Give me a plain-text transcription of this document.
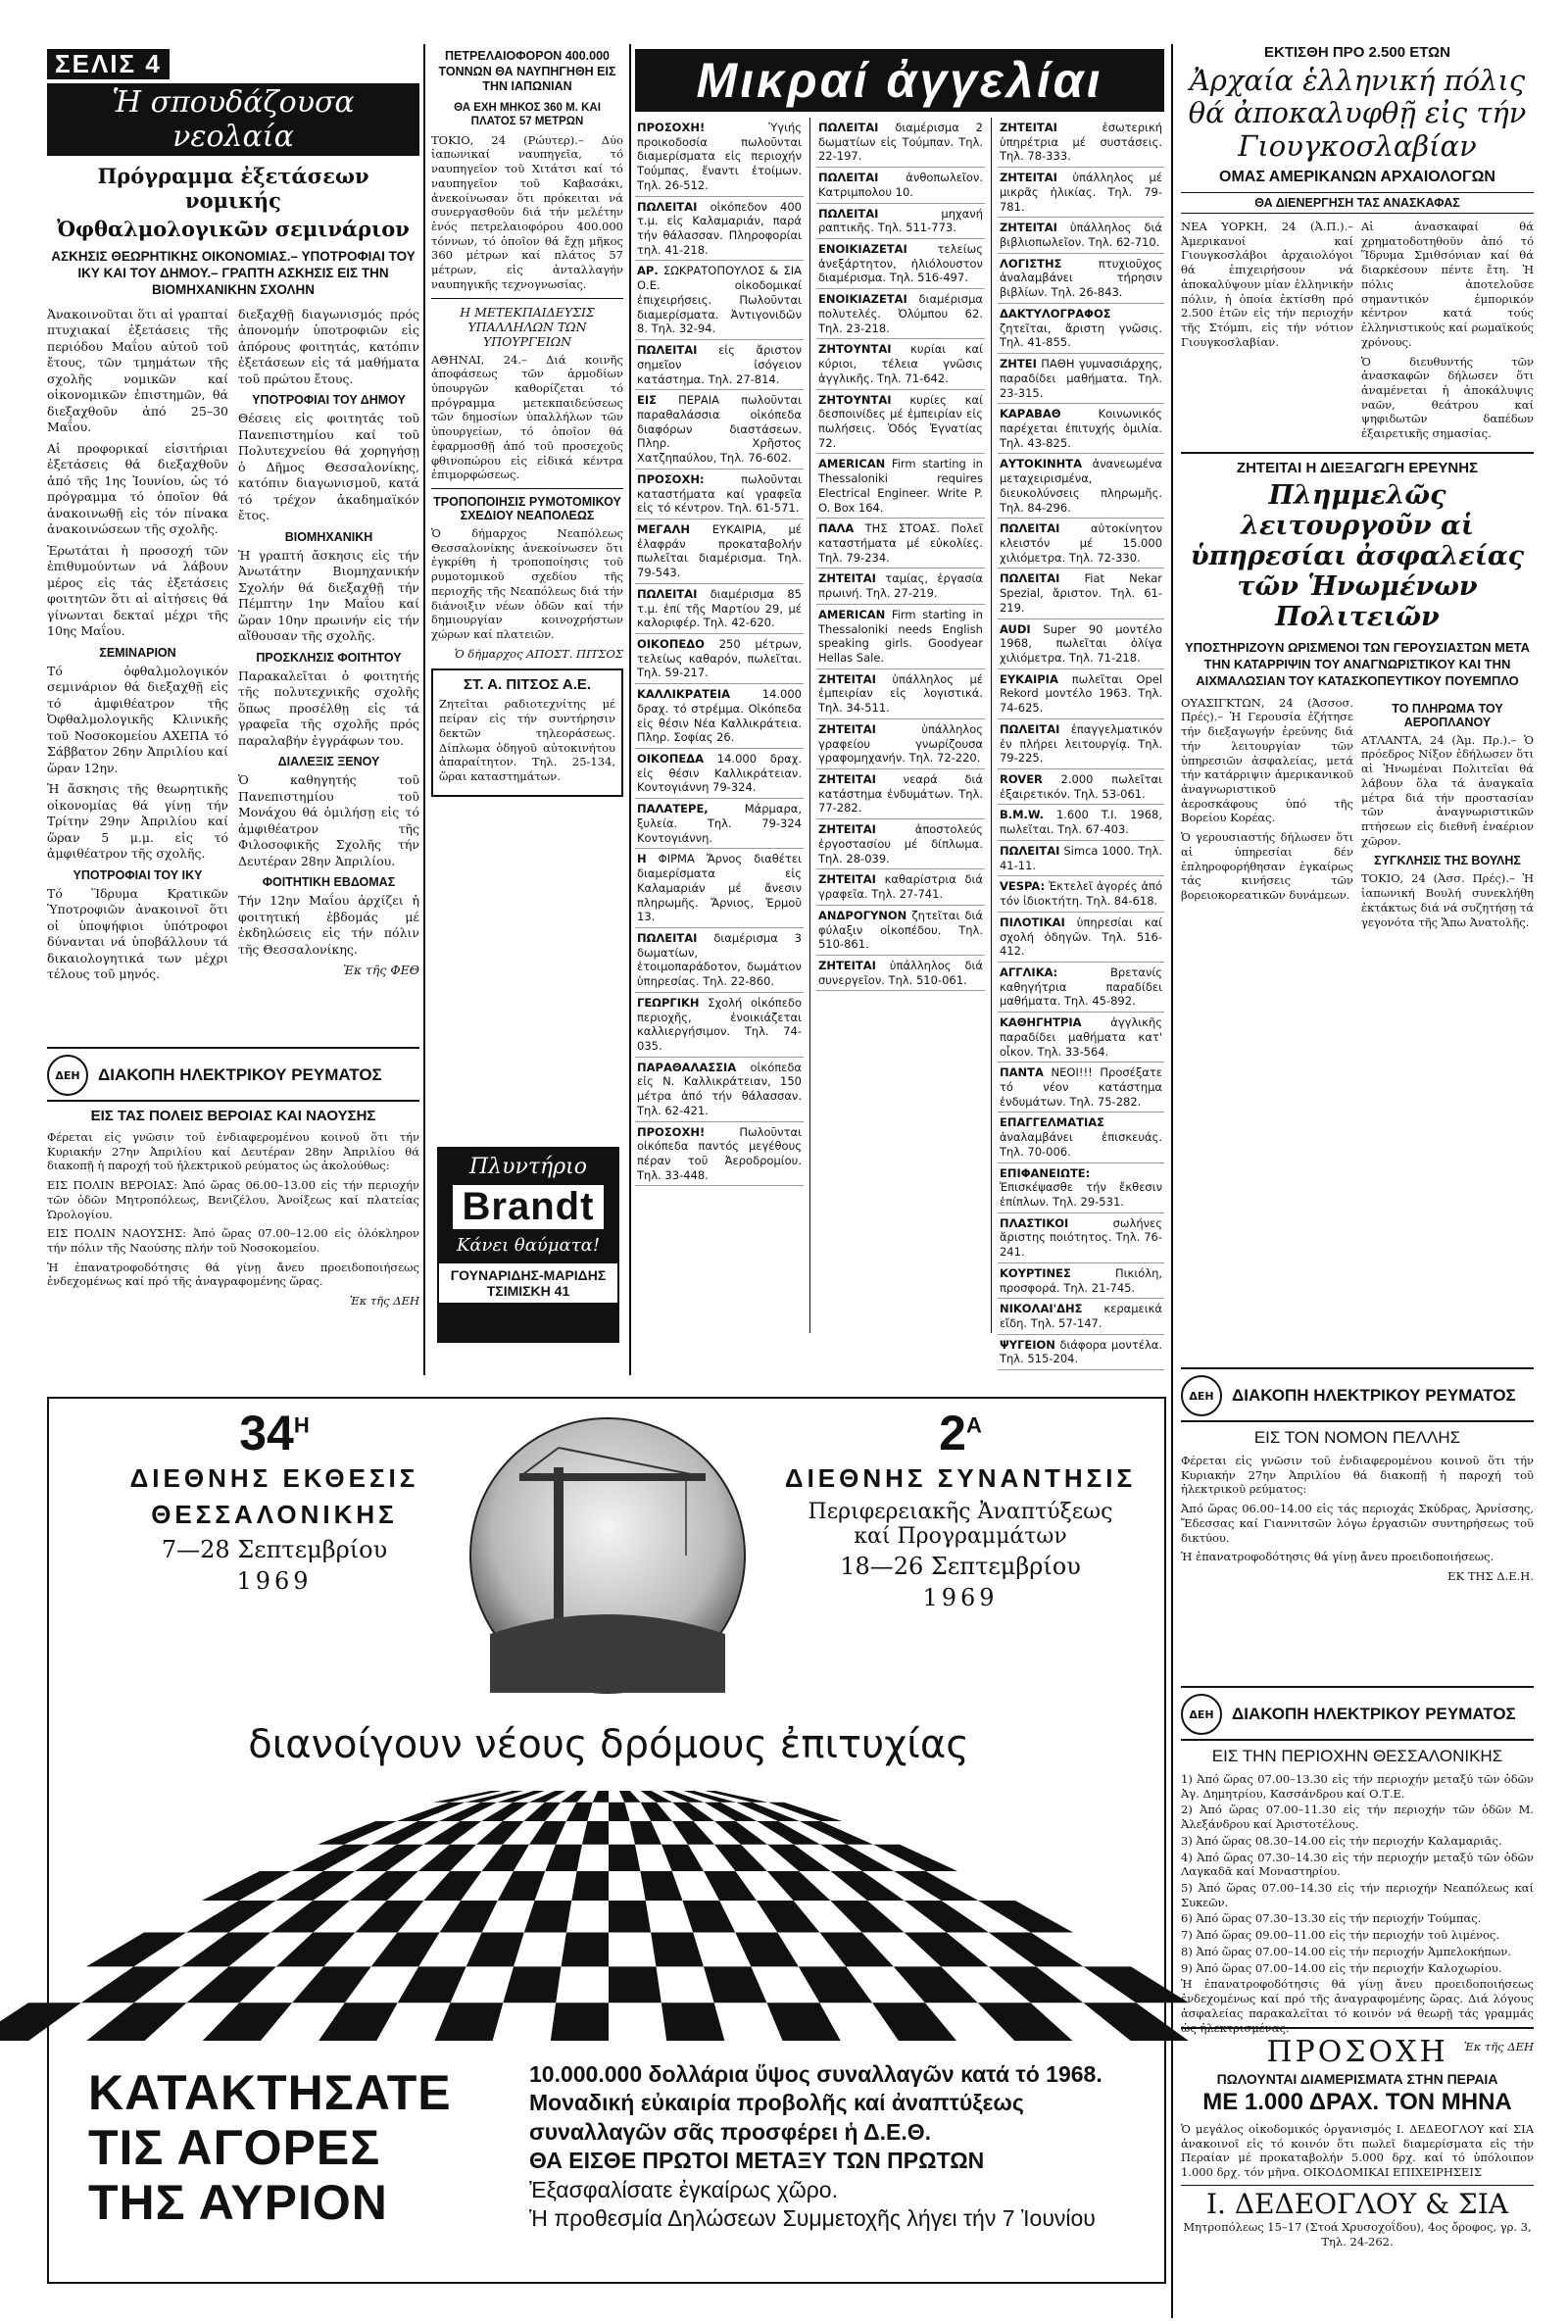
ΣΕΛΙΣ 4
Ἡ σπουδάζουσα νεολαία
Πρόγραμμα ἐξετάσεων νομικής
Ὀφθαλμολογικῶν σεμινάριον
ΑΣΚΗΣΙΣ ΘΕΩΡΗΤΙΚΗΣ ΟΙΚΟΝΟΜΙΑΣ.– ΥΠΟΤΡΟΦΙΑΙ ΤΟΥ ΙΚΥ ΚΑΙ ΤΟΥ ΔΗΜΟΥ.– ΓΡΑΠΤΗ ΑΣΚΗΣΙΣ ΕΙΣ ΤΗΝ ΒΙΟΜΗΧΑΝΙΚΗΝ ΣΧΟΛΗΝ

Ἀνακοινοῦται ὅτι αἱ γραπταί πτυχιακαί ἐξετάσεις τῆς περιόδου Μαΐου αὐτοῦ τοῦ ἔτους, τῶν τμημάτων τῆς σχολῆς νομικῶν καί οἰκονομικῶν ἐπιστημῶν, θά διεξαχθοῦν ἀπό 25–30 Μαΐου.

Αἱ προφορικαί εἰσιτήριαι ἐξετάσεις θά διεξαχθοῦν ἀπό τῆς 1ης Ἰουνίου, ὡς τό πρόγραμμα τό ὁποῖον θά ἀνακοινωθῇ εἰς τόν πίνακα ἀνακοινώσεων τῆς σχολῆς.

Ἐρωτάται ἡ προσοχή τῶν ἐπιθυμούντων νά λάβουν μέρος εἰς τάς ἐξετάσεις φοιτητῶν ὅτι αἱ αἰτήσεις θά γίνωνται δεκταί μέχρι τῆς 10ης Μαΐου.

ΣΕΜΙΝΑΡΙΟΝ

Τό ὀφθαλμολογικόν σεμινάριον θά διεξαχθῇ εἰς τό ἀμφιθέατρον τῆς Ὀφθαλμολογικῆς Κλινικῆς τοῦ Νοσοκομείου ΑΧΕΠΑ τό Σάββατον 26ην Ἀπριλίου καί ὥραν 12ην.

Ἡ ἄσκησις τῆς θεωρητικῆς οἰκονομίας θά γίνῃ τήν Τρίτην 29ην Ἀπριλίου καί ὥραν 5 μ.μ. εἰς τό ἀμφιθέατρον τῆς σχολῆς.

ΥΠΟΤΡΟΦΙΑΙ ΤΟΥ ΙΚΥ

Τό Ἵδρυμα Κρατικῶν Ὑποτροφιῶν ἀνακοινοῖ ὅτι οἱ ὑποψήφιοι ὑπότροφοι δύνανται νά ὑποβάλλουν τά δικαιολογητικά των μέχρι τέλους τοῦ μηνός.

διεξαχθῇ διαγωνισμός πρός ἀπονομήν ὑποτροφιῶν εἰς ἀπόρους φοιτητάς, κατόπιν ἐξετάσεων εἰς τά μαθήματα τοῦ πρώτου ἔτους.

ΥΠΟΤΡΟΦΙΑΙ ΤΟΥ ΔΗΜΟΥ

Θέσεις εἰς φοιτητάς τοῦ Πανεπιστημίου καί τοῦ Πολυτεχνείου θά χορηγήσῃ ὁ Δῆμος Θεσσαλονίκης, κατόπιν διαγωνισμοῦ, κατά τό τρέχον ἀκαδημαϊκόν ἔτος.

ΒΙΟΜΗΧΑΝΙΚΗ

Ἡ γραπτή ἄσκησις εἰς τήν Ἀνωτάτην Βιομηχανικήν Σχολήν θά διεξαχθῇ τήν Πέμπτην 1ην Μαΐου καί ὥραν 10ην πρωινήν εἰς τήν αἴθουσαν τῆς σχολῆς.

ΠΡΟΣΚΛΗΣΙΣ ΦΟΙΤΗΤΟΥ

Παρακαλεῖται ὁ φοιτητής τῆς πολυτεχνικῆς σχολῆς ὅπως προσέλθῃ εἰς τά γραφεῖα τῆς σχολῆς πρός παραλαβήν ἐγγράφων του.

ΔΙΑΛΕΞΙΣ ΞΕΝΟΥ

Ὁ καθηγητής τοῦ Πανεπιστημίου τοῦ Μονάχου θά ὁμιλήσῃ εἰς τό ἀμφιθέατρον τῆς Φιλοσοφικῆς Σχολῆς τήν Δευτέραν 28ην Ἀπριλίου.

ΦΟΙΤΗΤΙΚΗ ΕΒΔΟΜΑΣ

Τήν 12ην Μαΐου ἀρχίζει ἡ φοιτητική ἑβδομάς μέ ἐκδηλώσεις εἰς τήν πόλιν τῆς Θεσσαλονίκης.

Ἐκ τῆς ΦΕΘ

ΔΕΗ	ΔΙΑΚΟΠΗ ΗΛΕΚΤΡΙΚΟΥ ΡΕΥΜΑΤΟΣ
ΕΙΣ ΤΑΣ ΠΟΛΕΙΣ ΒΕΡΟΙΑΣ ΚΑΙ ΝΑΟΥΣΗΣ

Φέρεται εἰς γνῶσιν τοῦ ἐνδιαφερομένου κοινοῦ ὅτι τήν Κυριακήν 27ην Ἀπριλίου καί Δευτέραν 28ην Ἀπριλίου θά διακοπῇ ἡ παροχή τοῦ ἠλεκτρικοῦ ρεύματος ὡς ἀκολούθως:

ΕΙΣ ΠΟΛΙΝ ΒΕΡΟΙΑΣ: Ἀπό ὥρας 06.00–13.00 εἰς τήν περιοχήν τῶν ὁδῶν Μητροπόλεως, Βενιζέλου, Ἀνοίξεως καί πλατείας Ὡρολογίου.

ΕΙΣ ΠΟΛΙΝ ΝΑΟΥΣΗΣ: Ἀπό ὥρας 07.00–12.00 εἰς ὁλόκληρον τήν πόλιν τῆς Ναούσης πλήν τοῦ Νοσοκομείου.

Ἡ ἐπανατροφοδότησις θά γίνῃ ἄνευ προειδοποιήσεως ἐνδεχομένως καί πρό τῆς ἀναγραφομένης ὥρας.

Ἐκ τῆς ΔΕΗ

ΠΕΤΡΕΛΑΙΟΦΟΡΟΝ 400.000 ΤΟΝΝΩΝ ΘΑ ΝΑΥΠΗΓΗΘΗ ΕΙΣ ΤΗΝ ΙΑΠΩΝΙΑΝ
ΘΑ ΕΧΗ ΜΗΚΟΣ 360 Μ. ΚΑΙ ΠΛΑΤΟΣ 57 ΜΕΤΡΩΝ

ΤΟΚΙΟ, 24 (Ρώυτερ).– Δύο ἰαπωνικαί ναυπηγεῖα, τό ναυπηγεῖον τοῦ Χιτάτσι καί τό ναυπηγεῖον τοῦ Καβασάκι, ἀνεκοίνωσαν ὅτι πρόκειται νά συνεργασθοῦν διά τήν μελέτην ἑνός πετρελαιοφόρου 400.000 τόννων, τό ὁποῖον θά ἔχῃ μῆκος 360 μέτρων καί πλάτος 57 μέτρων, εἰς ἀνταλλαγήν ναυπηγικῆς τεχνογνωσίας.

Η ΜΕΤΕΚΠΑΙΔΕΥΣΙΣ ΥΠΑΛΛΗΛΩΝ ΤΩΝ ΥΠΟΥΡΓΕΙΩΝ

ΑΘΗΝΑΙ, 24.– Διά κοινῆς ἀποφάσεως τῶν ἁρμοδίων ὑπουργῶν καθορίζεται τό πρόγραμμα μετεκπαιδεύσεως τῶν δημοσίων ὑπαλλήλων τῶν ὑπουργείων, τό ὁποῖον θά ἐφαρμοσθῇ ἀπό τοῦ προσεχοῦς φθινοπώρου εἰς εἰδικά κέντρα ἐπιμορφώσεως.

ΤΡΟΠΟΠΟΙΗΣΙΣ ΡΥΜΟΤΟΜΙΚΟΥ ΣΧΕΔΙΟΥ ΝΕΑΠΟΛΕΩΣ

Ὁ δήμαρχος Νεαπόλεως Θεσσαλονίκης ἀνεκοίνωσεν ὅτι ἐγκρίθη ἡ τροποποίησις τοῦ ρυμοτομικοῦ σχεδίου τῆς περιοχῆς τῆς Νεαπόλεως διά τήν διάνοιξιν νέων ὁδῶν καί τήν δημιουργίαν κοινοχρήστων χώρων καί πλατειῶν.

Ὁ δήμαρχος ΑΠΟΣΤ. ΠΙΤΣΟΣ

ΣΤ. Α. ΠΙΤΣΟΣ Α.Ε.

Ζητεῖται ραδιοτεχνίτης μέ πείραν εἰς τήν συντήρησιν δεκτῶν τηλεοράσεως. Δίπλωμα ὁδηγοῦ αὐτοκινήτου ἀπαραίτητον. Τηλ. 25-134, ὥραι καταστημάτων.

Πλυντήριο
Brandt
Κάνει θαύματα!
ΓΟΥΝΑΡΙΔΗΣ-ΜΑΡΙΔΗΣ
ΤΣΙΜΙΣΚΗ 41
Μικραί ἀγγελίαι
ΠΡΟΣΟΧΗ! Ὑγιής προικοδοσία πωλοῦνται διαμερίσματα εἰς περιοχήν Τούμπας, ἔναντι ἐτοίμων. Τηλ. 26-512.
ΠΩΛΕΙΤΑΙ οἰκόπεδον 400 τ.μ. εἰς Καλαμαριάν, παρά τήν θάλασσαν. Πληροφορίαι τηλ. 41-218.
ΑΡ. ΣΩΚΡΑΤΟΠΟΥΛΟΣ & ΣΙΑ Ο.Ε. οἰκοδομικαί ἐπιχειρήσεις. Πωλοῦνται διαμερίσματα. Ἀντιγονιδῶν 8. Τηλ. 32-94.
ΠΩΛΕΙΤΑΙ εἰς ἄριστον σημεῖον ἰσόγειον κατάστημα. Τηλ. 27-814.
ΕΙΣ ΠΕΡΑΙΑ πωλοῦνται παραθαλάσσια οἰκόπεδα διαφόρων διαστάσεων. Πληρ. Χρῆστος Χατζηπαύλου, Τηλ. 76-602.
ΠΡΟΣΟΧΗ: πωλοῦνται καταστήματα καί γραφεῖα εἰς τό κέντρον. Τηλ. 61-571.
ΜΕΓΑΛΗ ΕΥΚΑΙΡΙΑ, μέ ἐλαφράν προκαταβολήν πωλεῖται διαμέρισμα. Τηλ. 79-543.
ΠΩΛΕΙΤΑΙ διαμέρισμα 85 τ.μ. ἐπί τῆς Μαρτίου 29, μέ καλοριφέρ. Τηλ. 42-620.
ΟΙΚΟΠΕΔΟ 250 μέτρων, τελείως καθαρόν, πωλεῖται. Τηλ. 59-217.
ΚΑΛΛΙΚΡΑΤΕΙΑ 14.000 δραχ. τό στρέμμα. Οἰκόπεδα εἰς θέσιν Νέα Καλλικράτεια. Πληρ. Σοφίας 26.
ΟΙΚΟΠΕΔΑ 14.000 δραχ. εἰς θέσιν Καλλικράτειαν. Κοντογιάννη 79-324.
ΠΑΛΑΤΕΡΕ, Μάρμαρα, ξυλεία. Τηλ. 79-324 Κοντογιάννη.
Η ΦΙΡΜΑ Ἄρνος διαθέτει διαμερίσματα εἰς Καλαμαριάν μέ ἄνεσιν πληρωμῆς. Ἄρνιος, Ἑρμοῦ 13.
ΠΩΛΕΙΤΑΙ διαμέρισμα 3 δωματίων, ἑτοιμοπαράδοτον, δωμάτιον ὑπηρεσίας. Τηλ. 22-860.
ΓΕΩΡΓΙΚΗ Σχολή οἰκόπεδο περιοχῆς, ἐνοικιάζεται καλλιεργήσιμον. Τηλ. 74-035.
ΠΑΡΑΘΑΛΑΣΣΙΑ οἰκόπεδα εἰς Ν. Καλλικράτειαν, 150 μέτρα ἀπό τήν θάλασσαν. Τηλ. 62-421.
ΠΡΟΣΟΧΗ! Πωλοῦνται οἰκόπεδα παντός μεγέθους πέραν τοῦ Ἀεροδρομίου. Τηλ. 33-448.
ΠΩΛΕΙΤΑΙ διαμέρισμα 2 δωματίων εἰς Τούμπαν. Τηλ. 22-197.
ΠΩΛΕΙΤΑΙ ἀνθοπωλεῖον. Κατριμπολου 10.
ΠΩΛΕΙΤΑΙ μηχανή ραπτικῆς. Τηλ. 511-773.
ΕΝΟΙΚΙΑΖΕΤΑΙ τελείως ἀνεξάρτητον, ἡλιόλουστον διαμέρισμα. Τηλ. 516-497.
ΕΝΟΙΚΙΑΖΕΤΑΙ διαμέρισμα πολυτελές. Ὀλύμπου 62. Τηλ. 23-218.
ΖΗΤΟΥΝΤΑΙ κυρίαι καί κύριοι, τέλεια γνῶσις ἀγγλικῆς. Τηλ. 71-642.
ΖΗΤΟΥΝΤΑΙ κυρίες καί δεσποινίδες μέ ἐμπειρίαν εἰς πωλήσεις. Ὁδός Ἐγνατίας 72.
AMERICAN Firm starting in Thessaloniki requires Electrical Engineer. Write P. O. Box 164.
ΠΑΛΑ ΤΗΣ ΣΤΟΑΣ. Πολεῖ καταστήματα μέ εὐκολίες. Τηλ. 79-234.
ΖΗΤΕΙΤΑΙ ταμίας, ἐργασία πρωινή. Τηλ. 27-219.
AMERICAN Firm starting in Thessaloniki needs English speaking girls. Goodyear Hellas Sale.
ΖΗΤΕΙΤΑΙ ὑπάλληλος μέ ἐμπειρίαν εἰς λογιστικά. Τηλ. 34-511.
ΖΗΤΕΙΤΑΙ ὑπάλληλος γραφείου γνωρίζουσα γραφομηχανήν. Τηλ. 72-220.
ΖΗΤΕΙΤΑΙ νεαρά διά κατάστημα ἐνδυμάτων. Τηλ. 77-282.
ΖΗΤΕΙΤΑΙ ἀποστολεύς ἐργοστασίου μέ δίπλωμα. Τηλ. 28-039.
ΖΗΤΕΙΤΑΙ καθαρίστρια διά γραφεῖα. Τηλ. 27-741.
ΑΝΔΡΟΓΥΝΟΝ ζητεῖται διά φύλαξιν οἰκοπέδου. Τηλ. 510-861.
ΖΗΤΕΙΤΑΙ ὑπάλληλος διά συνεργεῖον. Τηλ. 510-061.
ΖΗΤΕΙΤΑΙ ἐσωτερική ὑπηρέτρια μέ συστάσεις. Τηλ. 78-333.
ΖΗΤΕΙΤΑΙ ὑπάλληλος μέ μικρᾶς ἡλικίας. Τηλ. 79-781.
ΖΗΤΕΙΤΑΙ ὑπάλληλος διά βιβλιοπωλεῖον. Τηλ. 62-710.
ΛΟΓΙΣΤΗΣ πτυχιοῦχος ἀναλαμβάνει τήρησιν βιβλίων. Τηλ. 26-843.
ΔΑΚΤΥΛΟΓΡΑΦΟΣ ζητεῖται, ἄριστη γνῶσις. Τηλ. 41-855.
ΖΗΤΕΙ ΠΑΘΗ γυμνασιάρχης, παραδίδει μαθήματα. Τηλ. 23-315.
ΚΑΡΑΒΑΘ Κοινωνικός παρέχεται ἐπιτυχής ὁμιλία. Τηλ. 43-825.
ΑΥΤΟΚΙΝΗΤΑ ἀνανεωμένα μεταχειρισμένα, διευκολύνσεις πληρωμῆς. Τηλ. 84-296.
ΠΩΛΕΙΤΑΙ αὐτοκίνητον κλειστόν μέ 15.000 χιλιόμετρα. Τηλ. 72-330.
ΠΩΛΕΙΤΑΙ Fiat Nekar Spezial, ἄριστον. Τηλ. 61-219.
AUDI Super 90 μοντέλο 1968, πωλεῖται ὀλίγα χιλιόμετρα. Τηλ. 71-218.
ΕΥΚΑΙΡΙΑ πωλεῖται Opel Rekord μοντέλο 1963. Τηλ. 74-625.
ΠΩΛΕΙΤΑΙ ἐπαγγελματικόν ἐν πλήρει λειτουργίᾳ. Τηλ. 79-225.
ROVER 2.000 πωλεῖται ἐξαιρετικόν. Τηλ. 53-061.
B.M.W. 1.600 T.I. 1968, πωλεῖται. Τηλ. 67-403.
ΠΩΛΕΙΤΑΙ Simca 1000. Τηλ. 41-11.
VESPA: Ἐκτελεῖ ἀγορές ἀπό τόν ἰδιοκτήτη. Τηλ. 84-618.
ΠΙΛΟΤΙΚΑΙ ὑπηρεσίαι καί σχολή ὁδηγῶν. Τηλ. 516-412.
ΑΓΓΛΙΚΑ: Βρετανίς καθηγήτρια παραδίδει μαθήματα. Τηλ. 45-892.
ΚΑΘΗΓΗΤΡΙΑ ἀγγλικῆς παραδίδει μαθήματα κατ' οἶκον. Τηλ. 33-564.
ΠΑΝΤΑ ΝΕΟΙ!!! Προσέξατε τό νέον κατάστημα ἐνδυμάτων. Τηλ. 75-282.
ΕΠΑΓΓΕΛΜΑΤΙΑΣ ἀναλαμβάνει ἐπισκευάς. Τηλ. 70-006.
ΕΠΙΦΑΝΕΙΩΤΕ: Ἐπισκέψασθε τήν ἔκθεσιν ἐπίπλων. Τηλ. 29-531.
ΠΛΑΣΤΙΚΟΙ σωλήνες ἄριστης ποιότητος. Τηλ. 76-241.
ΚΟΥΡΤΙΝΕΣ Πικιόλη, προσφορά. Τηλ. 21-745.
ΝΙΚΟΛΑΙ'ΔΗΣ κεραμεικά εἴδη. Τηλ. 57-147.
ΨΥΓΕΙΟΝ διάφορα μοντέλα. Τηλ. 515-204.
ΕΚΤΙΣΘΗ ΠΡΟ 2.500 ΕΤΩΝ
Ἀρχαία ἑλληνική πόλις θά ἀποκαλυφθῇ εἰς τήν Γιουγκοσλαβίαν
ΟΜΑΣ ΑΜΕΡΙΚΑΝΩΝ ΑΡΧΑΙΟΛΟΓΩΝ
ΘΑ ΔΙΕΝΕΡΓΗΣΗ ΤΑΣ ΑΝΑΣΚΑΦΑΣ

ΝΕΑ ΥΟΡΚΗ, 24 (Ἀ.Π.).– Ἀμερικανοί καί Γιουγκοσλάβοι ἀρχαιολόγοι θά ἐπιχειρήσουν νά ἀποκαλύψουν μίαν ἑλληνικήν πόλιν, ἡ ὁποία ἐκτίσθη πρό 2.500 ἐτῶν εἰς τήν περιοχήν τῆς Στόμπι, εἰς τήν νότιον Γιουγκοσλαβίαν.

Αἱ ἀνασκαφαί θά χρηματοδοτηθοῦν ἀπό τό Ἵδρυμα Σμιθσόνιαν καί θά διαρκέσουν πέντε ἔτη. Ἡ πόλις ἀποτελοῦσε σημαντικόν ἐμπορικόν κέντρον κατά τούς ἑλληνιστικούς καί ρωμαϊκούς χρόνους.

Ὁ διευθυντής τῶν ἀνασκαφῶν δήλωσεν ὅτι ἀναμένεται ἡ ἀποκάλυψις ναῶν, θεάτρου καί ψηφιδωτῶν δαπέδων ἐξαιρετικῆς σημασίας.

ΖΗΤΕΙΤΑΙ Η ΔΙΕΞΑΓΩΓΗ ΕΡΕΥΝΗΣ
Πλημμελῶς λειτουργοῦν αἱ ὑπηρεσίαι ἀσφαλείας τῶν Ἡνωμένων Πολιτειῶν
ΥΠΟΣΤΗΡΙΖΟΥΝ ΩΡΙΣΜΕΝΟΙ ΤΩΝ ΓΕΡΟΥΣΙΑΣΤΩΝ ΜΕΤΑ ΤΗΝ ΚΑΤΑΡΡΙΨΙΝ ΤΟΥ ΑΝΑΓΝΩΡΙΣΤΙΚΟΥ ΚΑΙ ΤΗΝ ΑΙΧΜΑΛΩΣΙΑΝ ΤΟΥ ΚΑΤΑΣΚΟΠΕΥΤΙΚΟΥ ΠΟΥΕΜΠΛΟ

ΟΥΑΣΙΓΚΤΩΝ, 24 (Ἀσσοσ. Πρές).– Ἡ Γερουσία ἐζήτησε τήν διεξαγωγήν ἐρεύνης διά τήν λειτουργίαν τῶν ὑπηρεσιῶν ἀσφαλείας, μετά τήν κατάρριψιν ἀμερικανικοῦ ἀναγνωριστικοῦ ἀεροσκάφους ὑπό τῆς Βορείου Κορέας.

Ὁ γερουσιαστής δήλωσεν ὅτι αἱ ὑπηρεσίαι δέν ἐπληροφορήθησαν ἐγκαίρως τάς κινήσεις τῶν βορειοκορεατικῶν δυνάμεων.

ΤΟ ΠΛΗΡΩΜΑ ΤΟΥ ΑΕΡΟΠΛΑΝΟΥ

ΑΤΛΑΝΤΑ, 24 (Ἀμ. Πρ.).– Ὁ πρόεδρος Νίξον ἐδήλωσεν ὅτι αἱ Ἡνωμέναι Πολιτεῖαι θά λάβουν ὅλα τά ἀναγκαῖα μέτρα διά τήν προστασίαν τῶν ἀναγνωριστικῶν πτήσεων εἰς διεθνῆ ἐναέριον χῶρον.

ΣΥΓΚΛΗΣΙΣ ΤΗΣ ΒΟΥΛΗΣ

ΤΟΚΙΟ, 24 (Ἀσσ. Πρές).– Ἡ ἰαπωνική Βουλή συνεκλήθη ἐκτάκτως διά νά συζητήσῃ τά γεγονότα τῆς Ἄπω Ἀνατολῆς.

ΔΕΗ	ΔΙΑΚΟΠΗ ΗΛΕΚΤΡΙΚΟΥ ΡΕΥΜΑΤΟΣ
ΕΙΣ ΤΟΝ ΝΟΜΟΝ ΠΕΛΛΗΣ

Φέρεται εἰς γνῶσιν τοῦ ἐνδιαφερομένου κοινοῦ ὅτι τήν Κυριακήν 27ην Ἀπριλίου θά διακοπῇ ἡ παροχή τοῦ ἠλεκτρικοῦ ρεύματος:

Ἀπό ὥρας 06.00–14.00 εἰς τάς περιοχάς Σκύδρας, Ἀρνίσσης, Ἔδεσσας καί Γιαννιτσῶν λόγω ἐργασιῶν συντηρήσεως τοῦ δικτύου.

Ἡ ἐπανατροφοδότησις θά γίνῃ ἄνευ προειδοποιήσεως.

ΕΚ ΤΗΣ Δ.Ε.Η.

ΔΕΗ	ΔΙΑΚΟΠΗ ΗΛΕΚΤΡΙΚΟΥ ΡΕΥΜΑΤΟΣ
ΕΙΣ ΤΗΝ ΠΕΡΙΟΧΗΝ ΘΕΣΣΑΛΟΝΙΚΗΣ

1) Ἀπό ὥρας 07.00–13.30 εἰς τήν περιοχήν μεταξύ τῶν ὁδῶν Ἀγ. Δημητρίου, Κασσάνδρου καί Ο.Τ.Ε.

2) Ἀπό ὥρας 07.00–11.30 εἰς τήν περιοχήν τῶν ὁδῶν Μ. Ἀλεξάνδρου καί Ἀριστοτέλους.

3) Ἀπό ὥρας 08.30–14.00 εἰς τήν περιοχήν Καλαμαριᾶς.

4) Ἀπό ὥρας 07.30–14.30 εἰς τήν περιοχήν μεταξύ τῶν ὁδῶν Λαγκαδᾶ καί Μοναστηρίου.

5) Ἀπό ὥρας 07.00–14.30 εἰς τήν περιοχήν Νεαπόλεως καί Συκεῶν.

6) Ἀπό ὥρας 07.30–13.30 εἰς τήν περιοχήν Τούμπας.

7) Ἀπό ὥρας 09.00–11.00 εἰς τήν περιοχήν τοῦ λιμένος.

8) Ἀπό ὥρας 07.00–14.00 εἰς τήν περιοχήν Ἀμπελοκήπων.

9) Ἀπό ὥρας 07.00–14.00 εἰς τήν περιοχήν Καλοχωρίου.

Ἡ ἐπανατροφοδότησις θά γίνῃ ἄνευ προειδοποιήσεως ἐνδεχομένως καί πρό τῆς ἀναγραφομένης ὥρας. Διά λόγους ἀσφαλείας παρακαλεῖται τό κοινόν νά θεωρῇ τάς γραμμάς ὡς ἠλεκτρισμένας.

Ἐκ τῆς ΔΕΗ

ΠΡΟΣΟΧΗ
ΠΩΛΟΥΝΤΑΙ ΔΙΑΜΕΡΙΣΜΑΤΑ ΣΤΗΝ ΠΕΡΑΙΑ
ΜΕ 1.000 ΔΡΑΧ. ΤΟΝ ΜΗΝΑ

Ὁ μεγάλος οἰκοδομικός ὀργανισμός Ι. ΔΕΔΕΟΓΛΟΥ καί ΣΙΑ ἀνακοινοῖ εἰς τό κοινόν ὅτι πωλεῖ διαμερίσματα εἰς τήν Περαίαν μέ προκαταβολήν 5.000 δρχ. καί τό ὑπόλοιπον 1.000 δρχ. τόν μῆνα. ΟΙΚΟΔΟΜΙΚΑΙ ΕΠΙΧΕΙΡΗΣΕΙΣ

Ι. ΔΕΔΕΟΓΛΟΥ & ΣΙΑ

Μητροπόλεως 15–17 (Στοά Χρυσοχοΐδου), 4ος ὄροφος, γρ. 3, Τηλ. 24-262.

$34^H$
ΔΙΕΘΝΗΣ ΕΚΘΕΣΙΣ
ΘΕΣΣΑΛΟΝΙΚΗΣ
7—28 Σεπτεμβρίου
1969
$2^A$
ΔΙΕΘΝΗΣ ΣΥΝΑΝΤΗΣΙΣ
Περιφερειακῆς Ἀναπτύξεως
καί Προγραμμάτων
18—26 Σεπτεμβρίου
1969
διανοίγουν νέους δρόμους ἐπιτυχίας
ΚΑΤΑΚΤΗΣΑΤΕ
ΤΙΣ ΑΓΟΡΕΣ
ΤΗΣ ΑΥΡΙΟΝ
10.000.000 δολλάρια ὕψος συναλλαγῶν κατά τό 1968.
Μοναδική εὐκαιρία προβολῆς καί ἀναπτύξεως
συναλλαγῶν σᾶς προσφέρει ἡ Δ.Ε.Θ.
ΘΑ ΕΙΣΘΕ ΠΡΩΤΟΙ ΜΕΤΑΞΥ ΤΩΝ ΠΡΩΤΩΝ
Ἐξασφαλίσατε ἐγκαίρως χῶρο.
Ἡ προθεσμία Δηλώσεων Συμμετοχῆς λήγει τήν 7 Ἰουνίου
